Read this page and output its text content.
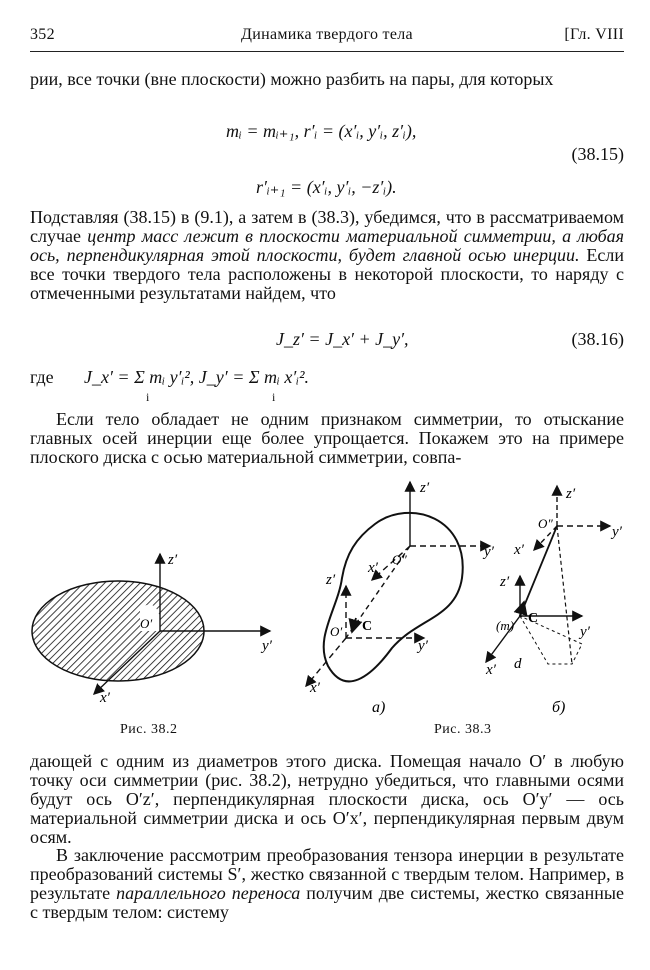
352	Динамика твердого тела	[Гл. VIII
рии, все точки (вне плоскости) можно разбить на пары, для которых
mᵢ = mᵢ₊₁, r′ᵢ = (x′ᵢ, y′ᵢ, z′ᵢ),
(38.15)
r′ᵢ₊₁ = (x′ᵢ, y′ᵢ, −z′ᵢ).
Подставляя (38.15) в (9.1), а затем в (38.3), убедимся, что в рассматриваемом случае центр масс лежит в плоскости материальной симметрии, а любая ось, перпендикулярная этой плоскости, будет главной осью инерции. Если все точки твердого тела расположены в некоторой плоскости, то наряду с отмеченными результатами найдем, что
J_z′ = J_x′ + J_y′,	(38.16)
где J_x′ = Σ mᵢ y′ᵢ², J_y′ = Σ mᵢ x′ᵢ².
i	i
Если тело обладает не одним признаком симметрии, то отыскание главных осей инерции еще более упрощается. Покажем это на примере плоского диска с осью материальной симметрии, совпа-
z′
y′
x′
O′
z′
y′
x′
O″
z′
O′ C
y′
x′
а)
z′
O″
y′
x′
z′
(m) C
y′
x′ d
б)
Рис. 38.2	Рис. 38.3
дающей с одним из диаметров этого диска. Помещая начало O′ в любую точку оси симметрии (рис. 38.2), нетрудно убедиться, что главными осями будут ось O′z′, перпендикулярная плоскости диска, ось O′y′ — ось материальной симметрии диска и ось O′x′, перпендикулярная первым двум осям.
В заключение рассмотрим преобразования тензора инерции в результате преобразований системы S′, жестко связанной с твердым телом. Например, в результате параллельного переноса получим две системы, жестко связанные с твердым телом: систему
